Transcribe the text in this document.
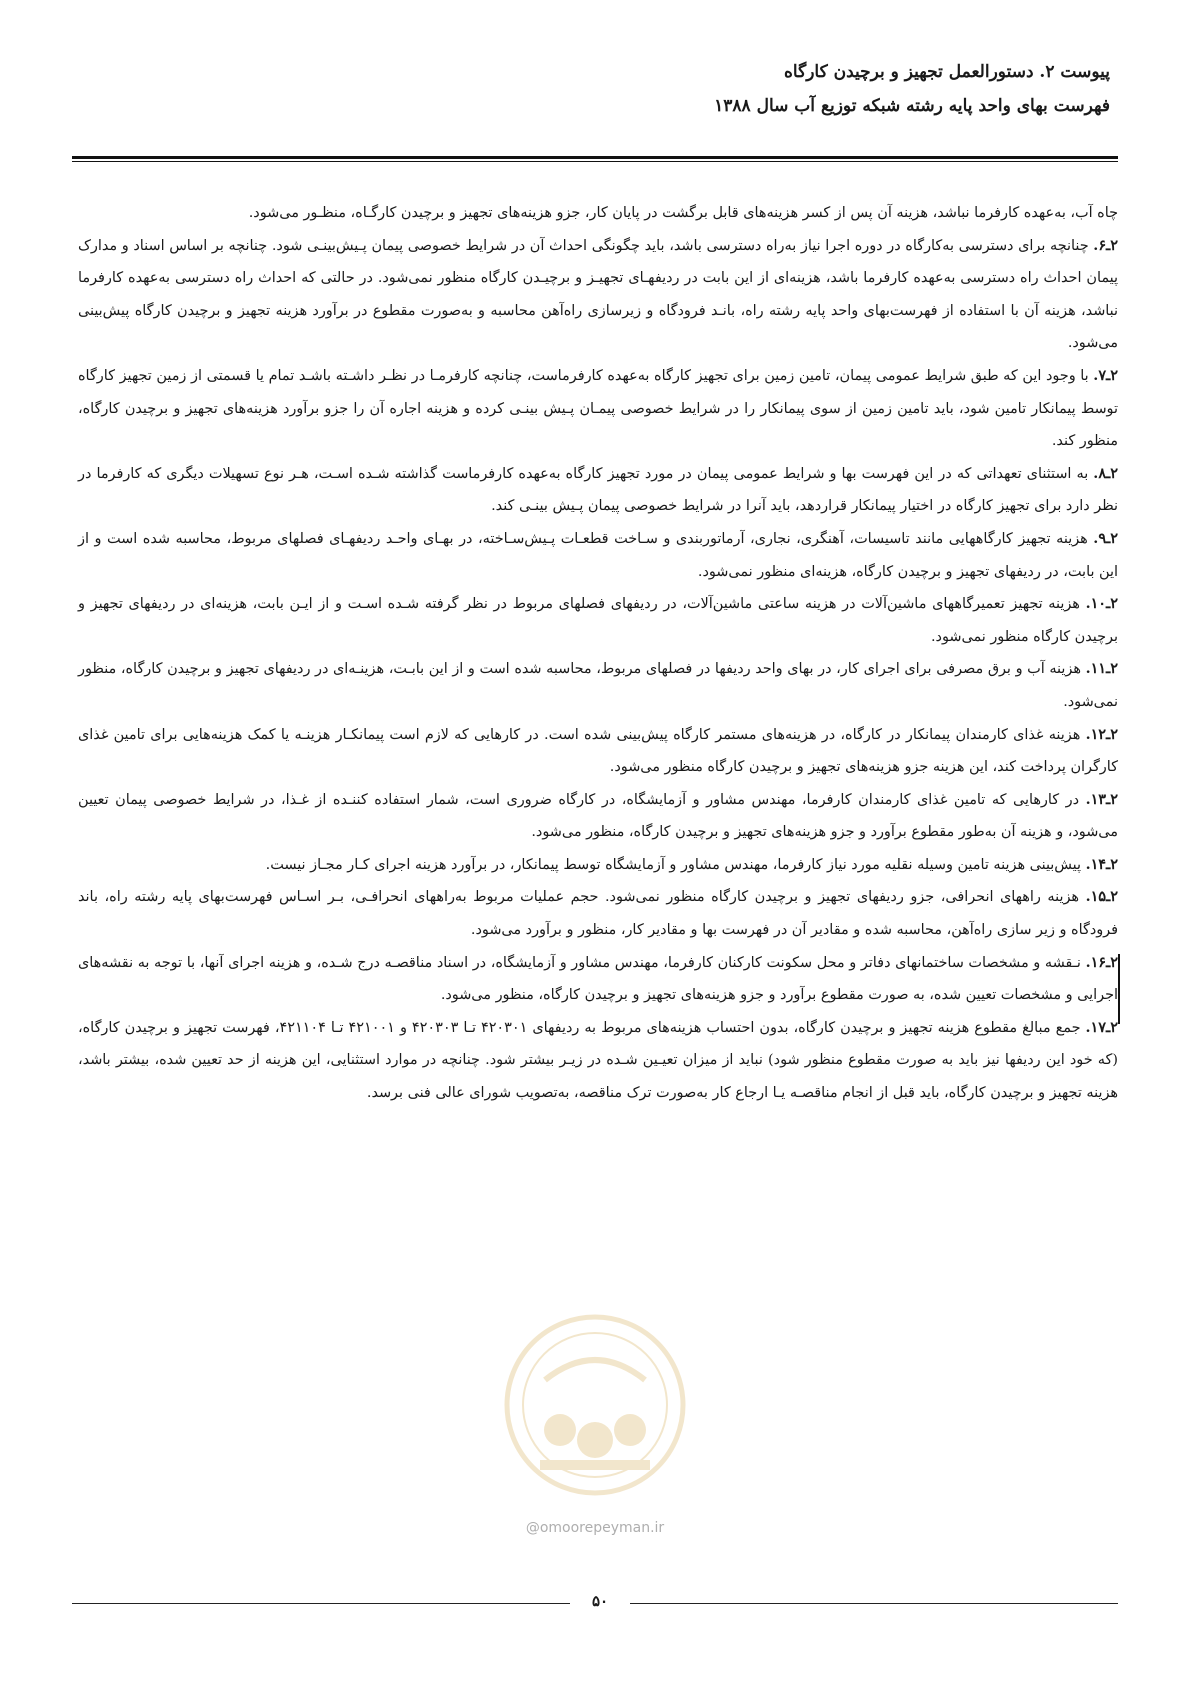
پیوست ۲. دستورالعمل تجهیز و برچیدن کارگاه
فهرست بهای واحد پایه رشته شبکه توزیع آب سال ۱۳۸۸

چاه آب، به‌عهده کارفرما نباشد، هزینه آن پس از کسر هزینه‌های قابل برگشت در پایان کار، جزو هزینه‌های تجهیز و برچیدن کارگـاه، منظـور می‌شود.

۲ـ۶. چنانچه برای دسترسی به‌کارگاه در دوره اجرا نیاز به‌راه دسترسی باشد، باید چگونگی احداث آن در شرایط خصوصی پیمان پـیش‌بینـی شود. چنانچه بر اساس اسناد و مدارک پیمان احداث راه دسترسی به‌عهده کارفرما باشد، هزینه‌ای از این بابت در ردیفهـای تجهیـز و برچیـدن کارگاه منظور نمی‌شود. در حالتی که احداث راه دسترسی به‌عهده کارفرما نباشد، هزینه آن با استفاده از فهرست‌بهای واحد پایه رشته راه، بانـد فرودگاه و زیرسازی راه‌آهن محاسبه و به‌صورت مقطوع در برآورد هزینه تجهیز و برچیدن کارگاه پیش‌بینی می‌شود.

۲ـ۷. با وجود این که طبق شرایط عمومی پیمان، تامین زمین برای تجهیز کارگاه به‌عهده کارفرماست، چنانچه کارفرمـا در نظـر داشـته باشـد تمام یا قسمتی از زمین تجهیز کارگاه توسط پیمانکار تامین شود، باید تامین زمین از سوی پیمانکار را در شرایط خصوصی پیمـان پـیش بینـی کرده و هزینه اجاره آن را جزو برآورد هزینه‌های تجهیز و برچیدن کارگاه، منظور کند.

۲ـ۸. به استثنای تعهداتی که در این فهرست بها و شرایط عمومی پیمان در مورد تجهیز کارگاه به‌عهده کارفرماست گذاشته شـده اسـت، هـر نوع تسهیلات دیگری که کارفرما در نظر دارد برای تجهیز کارگاه در اختیار پیمانکار قراردهد، باید آنرا در شرایط خصوصی پیمان پـیش بینـی کند.

۲ـ۹. هزینه تجهیز کارگاههایی مانند تاسیسات، آهنگری، نجاری، آرماتوربندی و سـاخت قطعـات پـیش‌سـاخته، در بهـای واحـد ردیفهـای فصلهای مربوط، محاسبه شده است و از این بابت، در ردیفهای تجهیز و برچیدن کارگاه، هزینه‌ای منظور نمی‌شود.

۲ـ۱۰. هزینه تجهیز تعمیرگاههای ماشین‌آلات در هزینه ساعتی ماشین‌آلات، در ردیفهای فصلهای مربوط در نظر گرفته شـده اسـت و از ایـن بابت، هزینه‌ای در ردیفهای تجهیز و برچیدن کارگاه منظور نمی‌شود.

۲ـ۱۱. هزینه آب و برق مصرفی برای اجرای کار، در بهای واحد ردیفها در فصلهای مربوط، محاسبه شده است و از این بابـت، هزینـه‌ای در ردیفهای تجهیز و برچیدن کارگاه، منظور نمی‌شود.

۲ـ۱۲. هزینه غذای کارمندان پیمانکار در کارگاه، در هزینه‌های مستمر کارگاه پیش‌بینی شده است. در کارهایی که لازم است پیمانکـار هزینـه یا کمک هزینه‌هایی برای تامین غذای کارگران پرداخت کند، این هزینه جزو هزینه‌های تجهیز و برچیدن کارگاه منظور می‌شود.

۲ـ۱۳. در کارهایی که تامین غذای کارمندان کارفرما، مهندس مشاور و آزمایشگاه، در کارگاه ضروری است، شمار استفاده کننـده از غـذا، در شرایط خصوصی پیمان تعیین می‌شود، و هزینه آن به‌طور مقطوع برآورد و جزو هزینه‌های تجهیز و برچیدن کارگاه، منظور می‌شود.

۲ـ۱۴. پیش‌بینی هزینه تامین وسیله نقلیه مورد نیاز کارفرما، مهندس مشاور و آزمایشگاه توسط پیمانکار، در برآورد هزینه اجرای کـار مجـاز نیست.

۲ـ۱۵. هزینه راههای انحرافی، جزو ردیفهای تجهیز و برچیدن کارگاه منظور نمی‌شود. حجم عملیات مربوط به‌راههای انحرافـی، بـر اسـاس فهرست‌بهای پایه رشته راه، باند فرودگاه و زیر سازی راه‌آهن، محاسبه شده و مقادیر آن در فهرست بها و مقادیر کار، منظور و برآورد می‌شود.

۲ـ۱۶. نـقشه و مشخصات ساختمانهای دفاتر و محل سکونت کارکنان کارفرما، مهندس مشاور و آزمایشگاه، در اسناد مناقصـه درج شـده، و هزینه اجرای آنها، با توجه به نقشه‌های اجرایی و مشخصات تعیین شده، به صورت مقطوع برآورد و جزو هزینه‌های تجهیز و برچیدن کارگاه، منظور می‌شود.

۲ـ۱۷. جمع مبالغ مقطوع هزینه تجهیز و برچیدن کارگاه، بدون احتساب هزینه‌های مربوط به ردیفهای ۴۲۰۳۰۱ تـا ۴۲۰۳۰۳ و ۴۲۱۰۰۱ تـا ۴۲۱۱۰۴، فهرست تجهیز و برچیدن کارگاه، (که خود این ردیفها نیز باید به صورت مقطوع منظور شود) نباید از میزان تعیـین شـده در زیـر بیشتر شود. چنانچه در موارد استثنایی، این هزینه از حد تعیین شده، بیشتر باشد، هزینه تجهیز و برچیدن کارگاه، باید قبل از انجام مناقصـه یـا ارجاع کار به‌صورت ترک مناقصه، به‌تصویب شورای عالی فنی برسد.

@omoorepeyman.ir
۵۰
